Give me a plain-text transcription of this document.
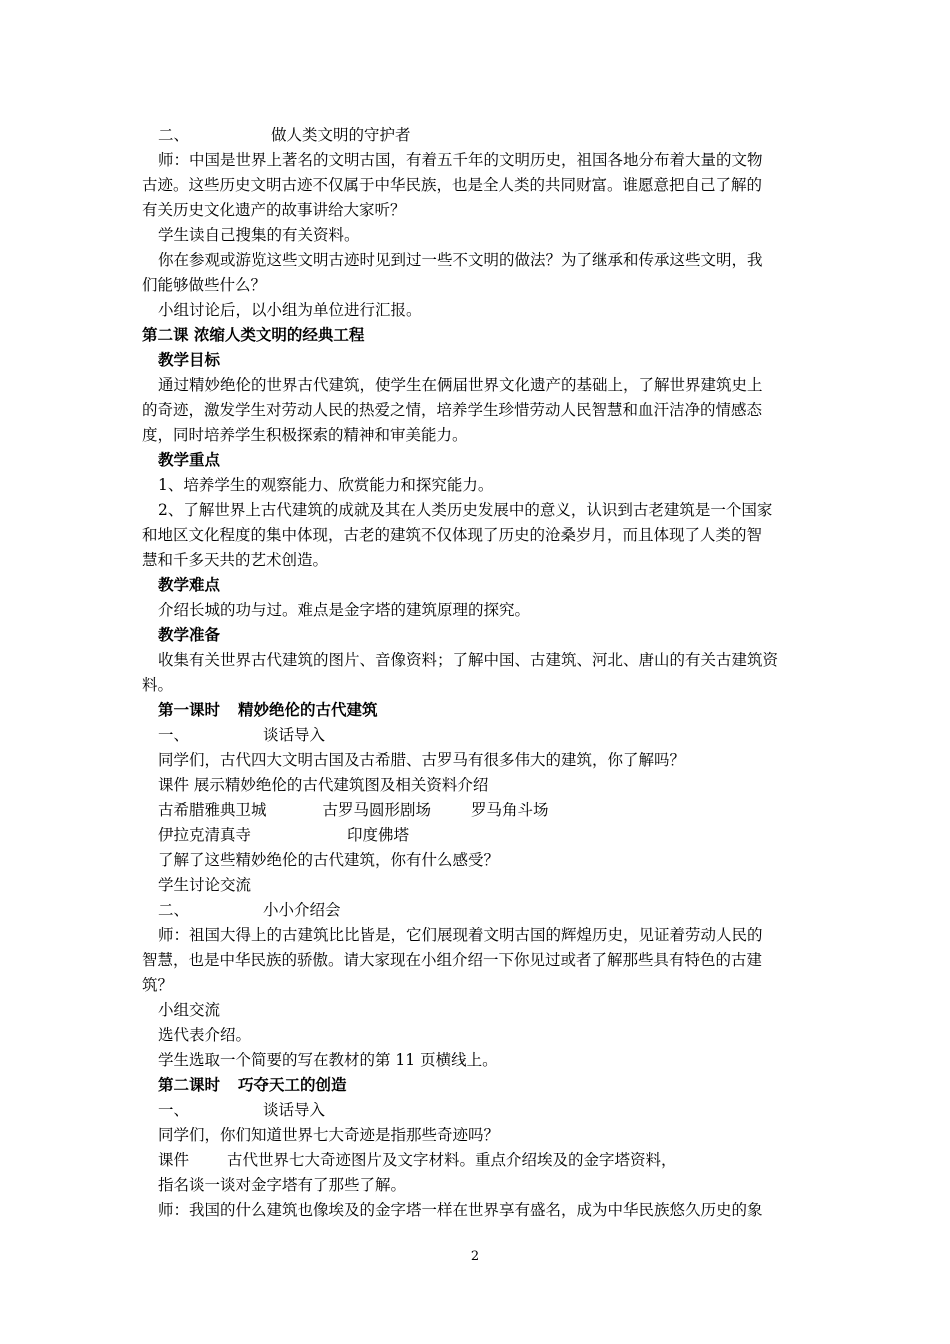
二、	做人类文明的守护者
师：中国是世界上著名的文明古国，有着五千年的文明历史，祖国各地分布着大量的文物
古迹。这些历史文明古迹不仅属于中华民族，也是全人类的共同财富。谁愿意把自己了解的
有关历史文化遗产的故事讲给大家听？
学生读自己搜集的有关资料。
你在参观或游览这些文明古迹时见到过一些不文明的做法？为了继承和传承这些文明，我
们能够做些什么？
小组讨论后，以小组为单位进行汇报。
第二课 浓缩人类文明的经典工程
教学目标
通过精妙绝伦的世界古代建筑，使学生在俩届世界文化遗产的基础上，了解世界建筑史上
的奇迹，激发学生对劳动人民的热爱之情，培养学生珍惜劳动人民智慧和血汗洁净的情感态
度，同时培养学生积极探索的精神和审美能力。
教学重点
1、培养学生的观察能力、欣赏能力和探究能力。
2、了解世界上古代建筑的成就及其在人类历史发展中的意义，认识到古老建筑是一个国家
和地区文化程度的集中体现，古老的建筑不仅体现了历史的沧桑岁月，而且体现了人类的智
慧和千多天共的艺术创造。
教学难点
介绍长城的功与过。难点是金字塔的建筑原理的探究。
教学准备
收集有关世界古代建筑的图片、音像资料；了解中国、古建筑、河北、唐山的有关古建筑资
料。
第一课时 精妙绝伦的古代建筑
一、	谈话导入
同学们，古代四大文明古国及古希腊、古罗马有很多伟大的建筑，你了解吗？
课件 展示精妙绝伦的古代建筑图及相关资料介绍
古希腊雅典卫城	古罗马圆形剧场	罗马角斗场
伊拉克清真寺	印度佛塔
了解了这些精妙绝伦的古代建筑，你有什么感受？
学生讨论交流
二、	小小介绍会
师：祖国大得上的古建筑比比皆是，它们展现着文明古国的辉煌历史，见证着劳动人民的
智慧，也是中华民族的骄傲。请大家现在小组介绍一下你见过或者了解那些具有特色的古建
筑？
小组交流
选代表介绍。
学生选取一个简要的写在教材的第 11 页横线上。
第二课时 巧夺天工的创造
一、	谈话导入
同学们，你们知道世界七大奇迹是指那些奇迹吗？
课件 古代世界七大奇迹图片及文字材料。重点介绍埃及的金字塔资料，
指名谈一谈对金字塔有了那些了解。
师：我国的什么建筑也像埃及的金字塔一样在世界享有盛名，成为中华民族悠久历史的象
2
